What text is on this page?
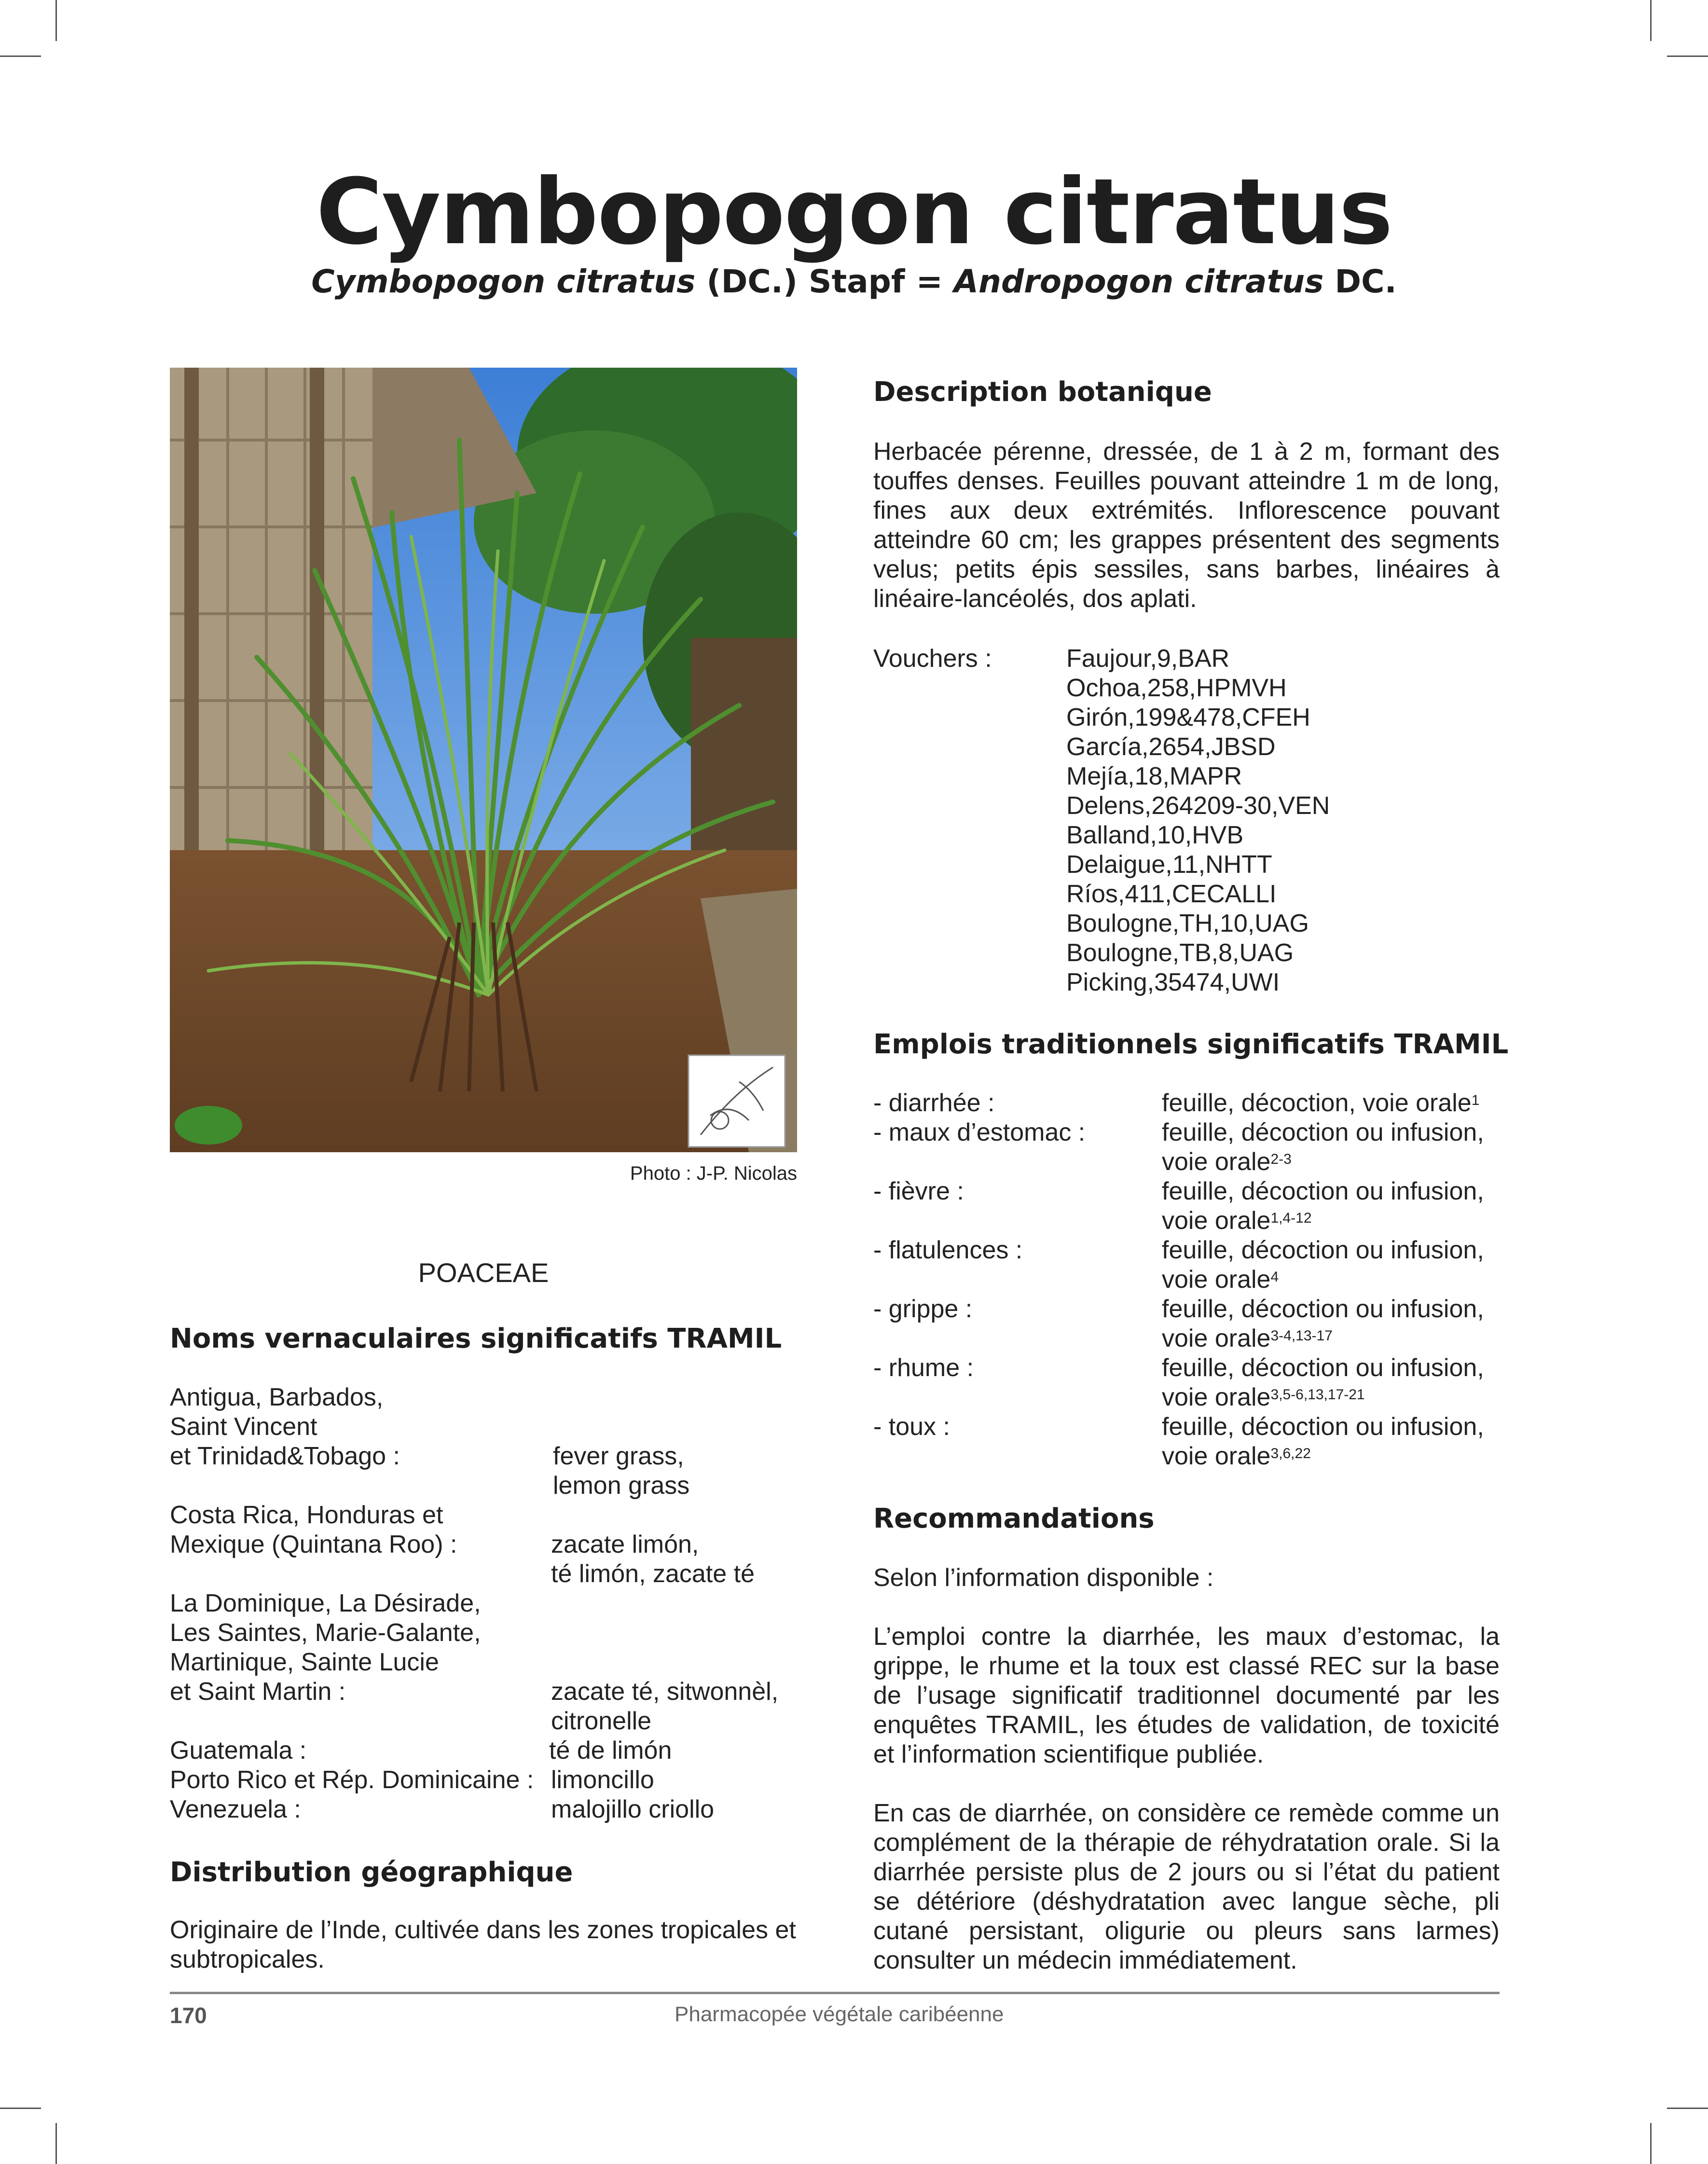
Cymbopogon citratus
Cymbopogon citratus (DC.) Stapf = Andropogon citratus DC.
Photo : J-P. Nicolas
POACEAE
Noms vernaculaires significatifs TRAMIL
Antigua, Barbados,
Saint Vincent
et Trinidad&Tobago :	fever grass,
lemon grass
Costa Rica, Honduras et
Mexique (Quintana Roo) :	zacate limón,
té limón, zacate té
La Dominique, La Désirade,
Les Saintes, Marie-Galante,
Martinique, Sainte Lucie
et Saint Martin :	zacate té, sitwonnèl,
citronelle
Guatemala :	té de limón
Porto Rico et Rép. Dominicaine : limoncillo
Venezuela :	malojillo criollo
Distribution géographique
Originaire de l’Inde, cultivée dans les zones tropicales et subtropicales.
Description botanique
Herbacée pérenne, dressée, de 1 à 2 m, formant des touffes denses. Feuilles pouvant atteindre 1 m de long, fines aux deux extrémités. Inflorescence pouvant atteindre 60 cm; les grappes présentent des segments velus; petits épis sessiles, sans barbes, linéaires à linéaire-lancéolés, dos aplati.
Vouchers :	Faujour,9,BAR
Ochoa,258,HPMVH
Girón,199&478,CFEH
García,2654,JBSD
Mejía,18,MAPR
Delens,264209-30,VEN
Balland,10,HVB
Delaigue,11,NHTT
Ríos,411,CECALLI
Boulogne,TH,10,UAG
Boulogne,TB,8,UAG
Picking,35474,UWI
Emplois traditionnels significatifs TRAMIL
- diarrhée :	feuille, décoction, voie orale$^1$
- maux d’estomac :	feuille, décoction ou infusion,
voie orale$^{2-3}$
- fièvre :	feuille, décoction ou infusion,
voie orale$^{1,4-12}$
- flatulences :	feuille, décoction ou infusion,
voie orale$^4$
- grippe :	feuille, décoction ou infusion,
voie orale$^{3-4,13-17}$
- rhume :	feuille, décoction ou infusion,
voie orale$^{3,5-6,13,17-21}$
- toux :	feuille, décoction ou infusion,
voie orale$^{3,6,22}$
Recommandations
Selon l’information disponible :
L’emploi contre la diarrhée, les maux d’estomac, la grippe, le rhume et la toux est classé REC sur la base de l’usage significatif traditionnel documenté par les enquêtes TRAMIL, les études de validation, de toxicité et l’information scientifique publiée.
En cas de diarrhée, on considère ce remède comme un complément de la thérapie de réhydratation orale. Si la diarrhée persiste plus de 2 jours ou si l’état du patient se détériore (déshydratation avec langue sèche, pli cutané persistant, oligurie ou pleurs sans larmes) consulter un médecin immédiatement.
170	Pharmacopée végétale caribéenne
